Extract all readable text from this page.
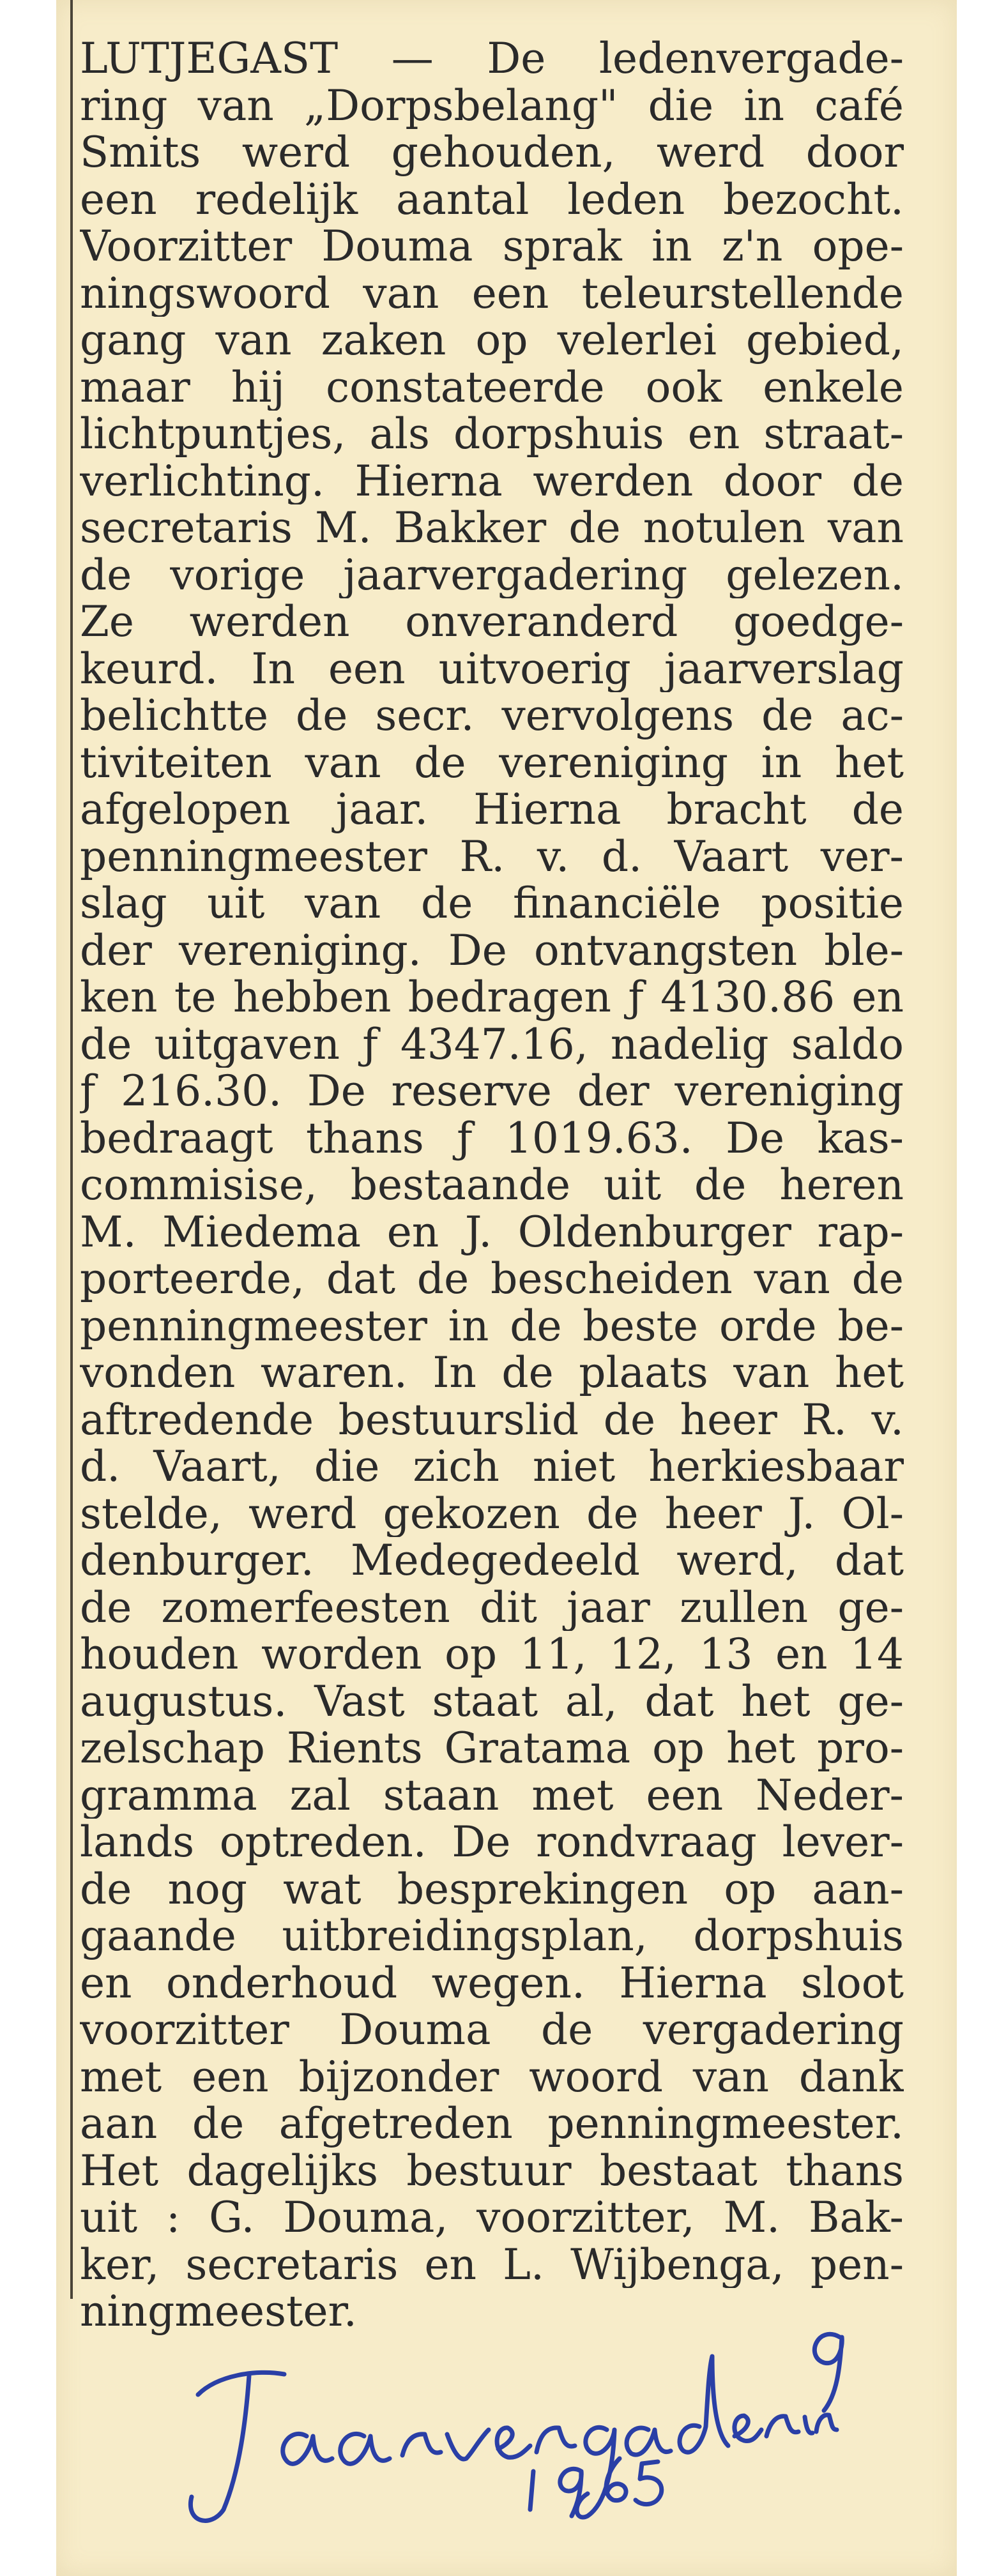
LUTJEGAST — De ledenvergade-
ring van „Dorpsbelang" die in café
Smits werd gehouden, werd door
een redelijk aantal leden bezocht.
Voorzitter Douma sprak in z'n ope-
ningswoord van een teleurstellende
gang van zaken op velerlei gebied,
maar hij constateerde ook enkele
lichtpuntjes, als dorpshuis en straat-
verlichting. Hierna werden door de
secretaris M. Bakker de notulen van
de vorige jaarvergadering gelezen.
Ze werden onveranderd goedge-
keurd. In een uitvoerig jaarverslag
belichtte de secr. vervolgens de ac-
tiviteiten van de vereniging in het
afgelopen jaar. Hierna bracht de
penningmeester R. v. d. Vaart ver-
slag uit van de financiële positie
der vereniging. De ontvangsten ble-
ken te hebben bedragen ƒ 4130.86 en
de uitgaven ƒ 4347.16, nadelig saldo
ƒ 216.30. De reserve der vereniging
bedraagt thans ƒ 1019.63. De kas-
commisise, bestaande uit de heren
M. Miedema en J. Oldenburger rap-
porteerde, dat de bescheiden van de
penningmeester in de beste orde be-
vonden waren. In de plaats van het
aftredende bestuurslid de heer R. v.
d. Vaart, die zich niet herkiesbaar
stelde, werd gekozen de heer J. Ol-
denburger. Medegedeeld werd, dat
de zomerfeesten dit jaar zullen ge-
houden worden op 11, 12, 13 en 14
augustus. Vast staat al, dat het ge-
zelschap Rients Gratama op het pro-
gramma zal staan met een Neder-
lands optreden. De rondvraag lever-
de nog wat besprekingen op aan-
gaande uitbreidingsplan, dorpshuis
en onderhoud wegen. Hierna sloot
voorzitter Douma de vergadering
met een bijzonder woord van dank
aan de afgetreden penningmeester.
Het dagelijks bestuur bestaat thans
uit : G. Douma, voorzitter, M. Bak-
ker, secretaris en L. Wijbenga, pen-
ningmeester.
